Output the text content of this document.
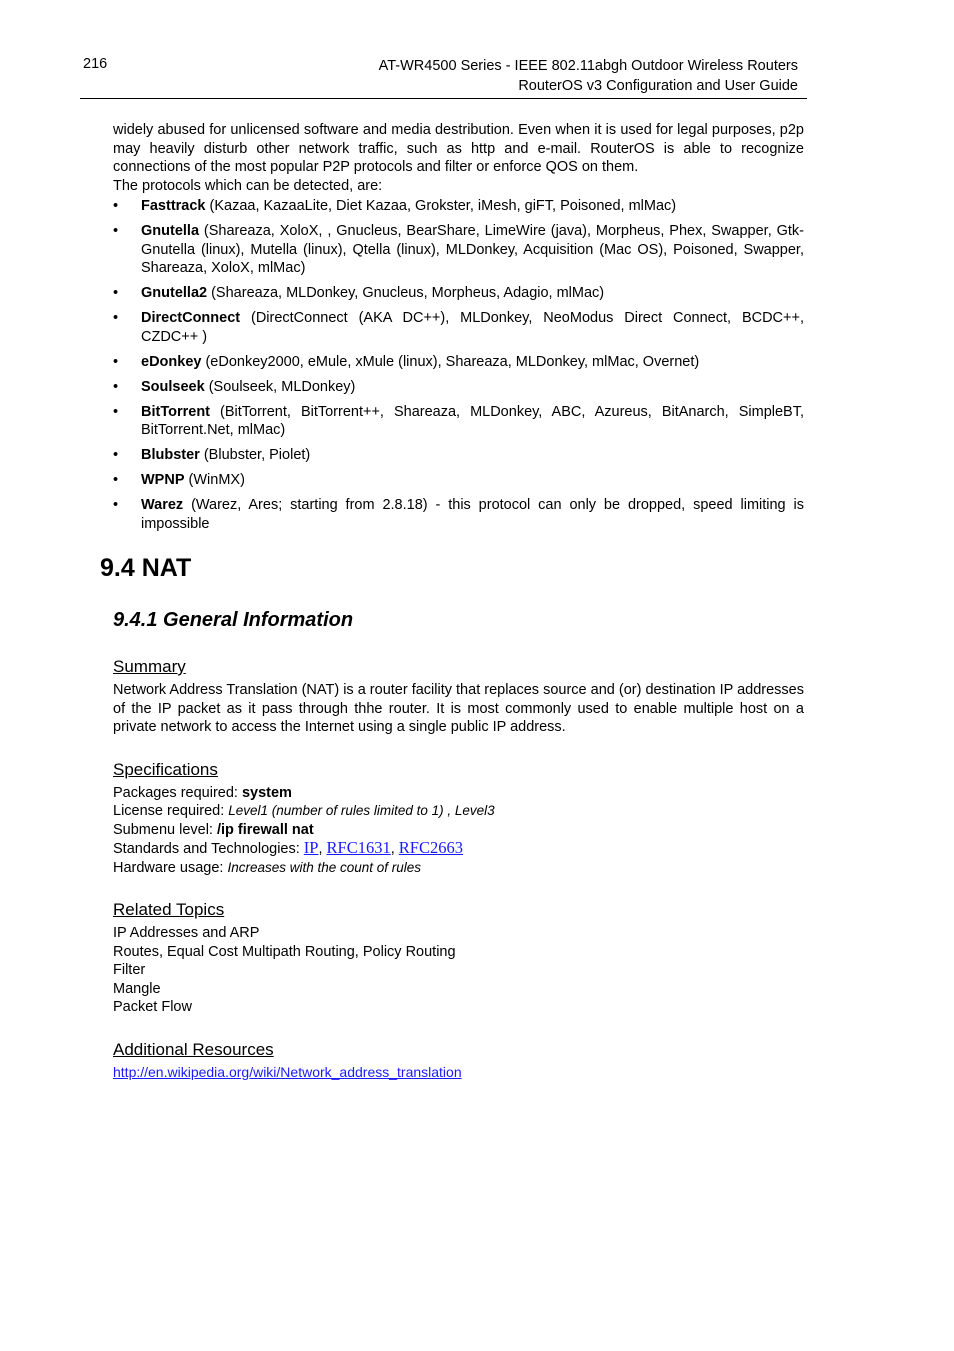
216	AT-WR4500 Series - IEEE 802.11abgh Outdoor Wireless Routers
RouterOS v3 Configuration and User Guide

widely abused for unlicensed software and media destribution. Even when it is used for legal purposes, p2p may heavily disturb other network traffic, such as http and e-mail. RouterOS is able to recognize connections of the most popular P2P protocols and filter or enforce QOS on them.

The protocols which can be detected, are:

• Fasttrack (Kazaa, KazaaLite, Diet Kazaa, Grokster, iMesh, giFT, Poisoned, mlMac)
• Gnutella (Shareaza, XoloX, , Gnucleus, BearShare, LimeWire (java), Morpheus, Phex, Swapper, Gtk-Gnutella (linux), Mutella (linux), Qtella (linux), MLDonkey, Acquisition (Mac OS), Poisoned, Swapper, Shareaza, XoloX, mlMac)
• Gnutella2 (Shareaza, MLDonkey, Gnucleus, Morpheus, Adagio, mlMac)
• DirectConnect (DirectConnect (AKA DC++), MLDonkey, NeoModus Direct Connect, BCDC++, CZDC++ )
• eDonkey (eDonkey2000, eMule, xMule (linux), Shareaza, MLDonkey, mlMac, Overnet)
• Soulseek (Soulseek, MLDonkey)
• BitTorrent (BitTorrent, BitTorrent++, Shareaza, MLDonkey, ABC, Azureus, BitAnarch, SimpleBT, BitTorrent.Net, mlMac)
• Blubster (Blubster, Piolet)
• WPNP (WinMX)
• Warez (Warez, Ares; starting from 2.8.18) - this protocol can only be dropped, speed limiting is impossible
9.4 NAT
9.4.1 General Information
Summary

Network Address Translation (NAT) is a router facility that replaces source and (or) destination IP addresses of the IP packet as it pass through thhe router. It is most commonly used to enable multiple host on a private network to access the Internet using a single public IP address.

Specifications
Packages required: system
License required: Level1 (number of rules limited to 1) , Level3
Submenu level: /ip firewall nat
Standards and Technologies: IP, RFC1631, RFC2663
Hardware usage: Increases with the count of rules
Related Topics
IP Addresses and ARP
Routes, Equal Cost Multipath Routing, Policy Routing
Filter
Mangle
Packet Flow
Additional Resources
http://en.wikipedia.org/wiki/Network_address_translation
